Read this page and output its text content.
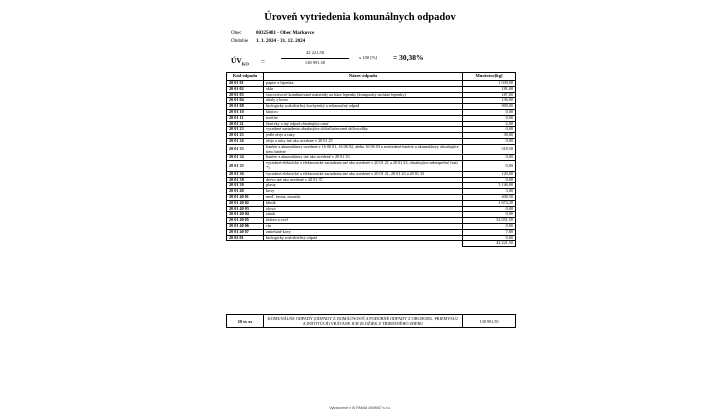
Úroveň vytriedenia komunálnych odpadov
Obec	00325481 - Obec Markovce
Obdobie 1. 1. 2024 - 31. 12. 2024
$ÚV_{KO}$ =
42 221,50
138 991,50
x 100 [%] = 30,38%
Kód odpadu	Názov odpadu	Množstvo[kg]
20 01 01	papier a lepenka	1 039,00
20 01 02	sklo	181,00
20 01 03	viacvrstvové kombinované materiály na báze lepenky (kompozity na báze lepenky)	187,00
20 01 04	obaly z kovu	136,00
20 01 08	biologicky rozložiteľný kuchynský a reštauračný odpad	909,00
20 01 10	šatstvo	0,00
20 01 11	textílie	0,00
20 01 21	žiarivky a iný odpad obsahujúci ortuť	2,00
20 01 23	vyradené zariadenia obsahujúce chlórfluórované uhľovodíky	0,00
20 01 25	jedlé oleje a tuky	38,00
20 01 26	oleje a tuky iné ako uvedené v 20 01 25	0,00
20 01 33	batérie a akumulátory uvedené v 16 06 01, 16 06 02, alebo 16 06 03 a netriedené batérie a akumulátory obsahujúce tieto batérie	318,50
20 01 34	batérie a akumulátory iné ako uvedené v 20 01 33	0,00
20 01 35	vyradené elektrické a elektronické zariadenia iné ako uvedené v 20 01 21 a 20 01 23, obsahujúce nebezpečné časti *)	0,00
20 01 36	vyradené elektrické a elektronické zariadenia iné ako uvedené v 20 01 21, 20 01 23 a 20 01 35	120,00
20 01 38	drevo iné ako uvedené v 20 01 37	0,00
20 01 39	plasty	5 146,00
20 01 40	kovy	3,00
20 01 40 01	meď, bronz, mosadz	408,50
20 01 40 02	hliník	1 674,20
20 01 40 03	olovo	0,00
20 01 40 04	zinok	0,00
20 01 40 05	železo a oceľ	32 051,50
20 01 40 06	cín	0,00
20 01 40 07	zmiešané kovy	7,80
20 02 01	biologicky rozložiteľný odpad	0,00
		42 221,50
20 xx xx	KOMUNÁLNE ODPADY (ODPADY Z DOMÁCNOSTÍ A PODOBNÉ ODPADY Z OBCHODU, PRIEMYSLU A INŠTITÚCIÍ) VRÁTANE ICH ZLOŽIEK Z TRIEDENÉHO ZBERU	138 991,50
Vyhotovené v IS PAMIA 1949007 s.r.o.
